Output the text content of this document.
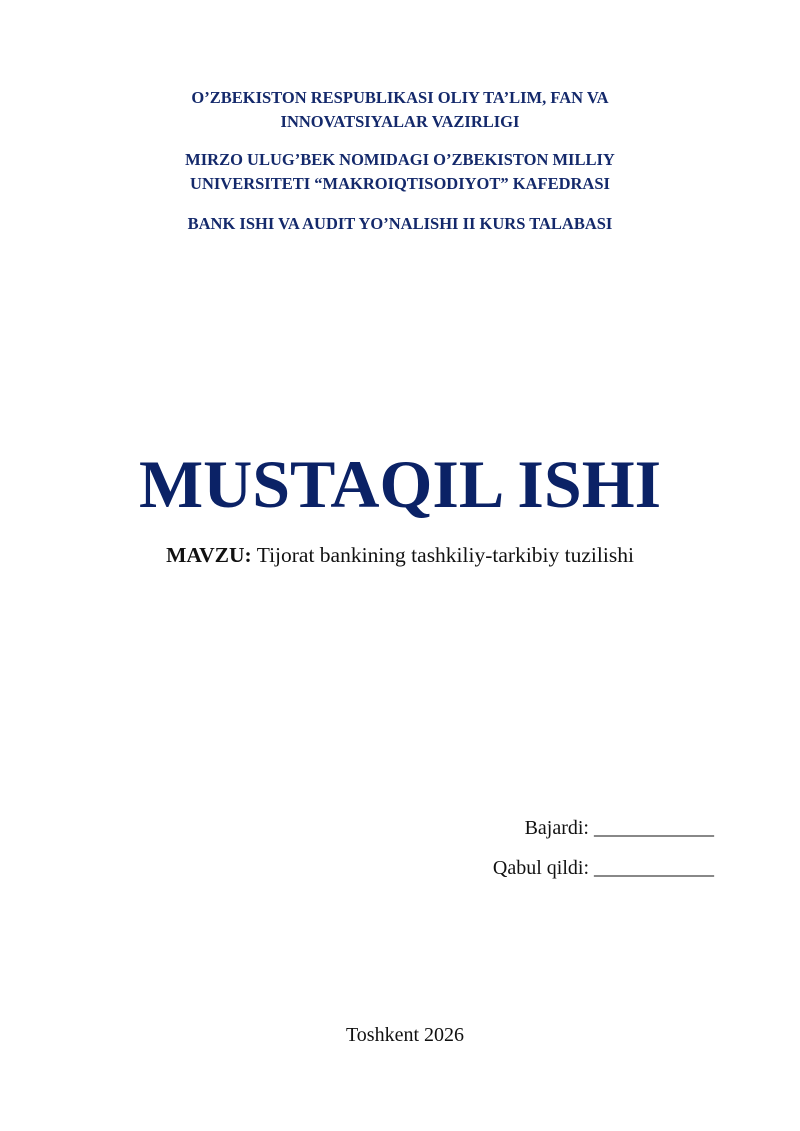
O’ZBEKISTON RESPUBLIKASI OLIY TA’LIM, FAN VA
INNOVATSIYALAR VAZIRLIGI
MIRZO ULUG’BEK NOMIDAGI O’ZBEKISTON MILLIY
UNIVERSITETI “MAKROIQTISODIYOT” KAFEDRASI
BANK ISHI VA AUDIT YO’NALISHI II KURS TALABASI
MUSTAQIL ISHI
MAVZU: Tijorat bankining tashkiliy-tarkibiy tuzilishi
Bajardi: ____________
Qabul qildi: ____________
Toshkent 2026
